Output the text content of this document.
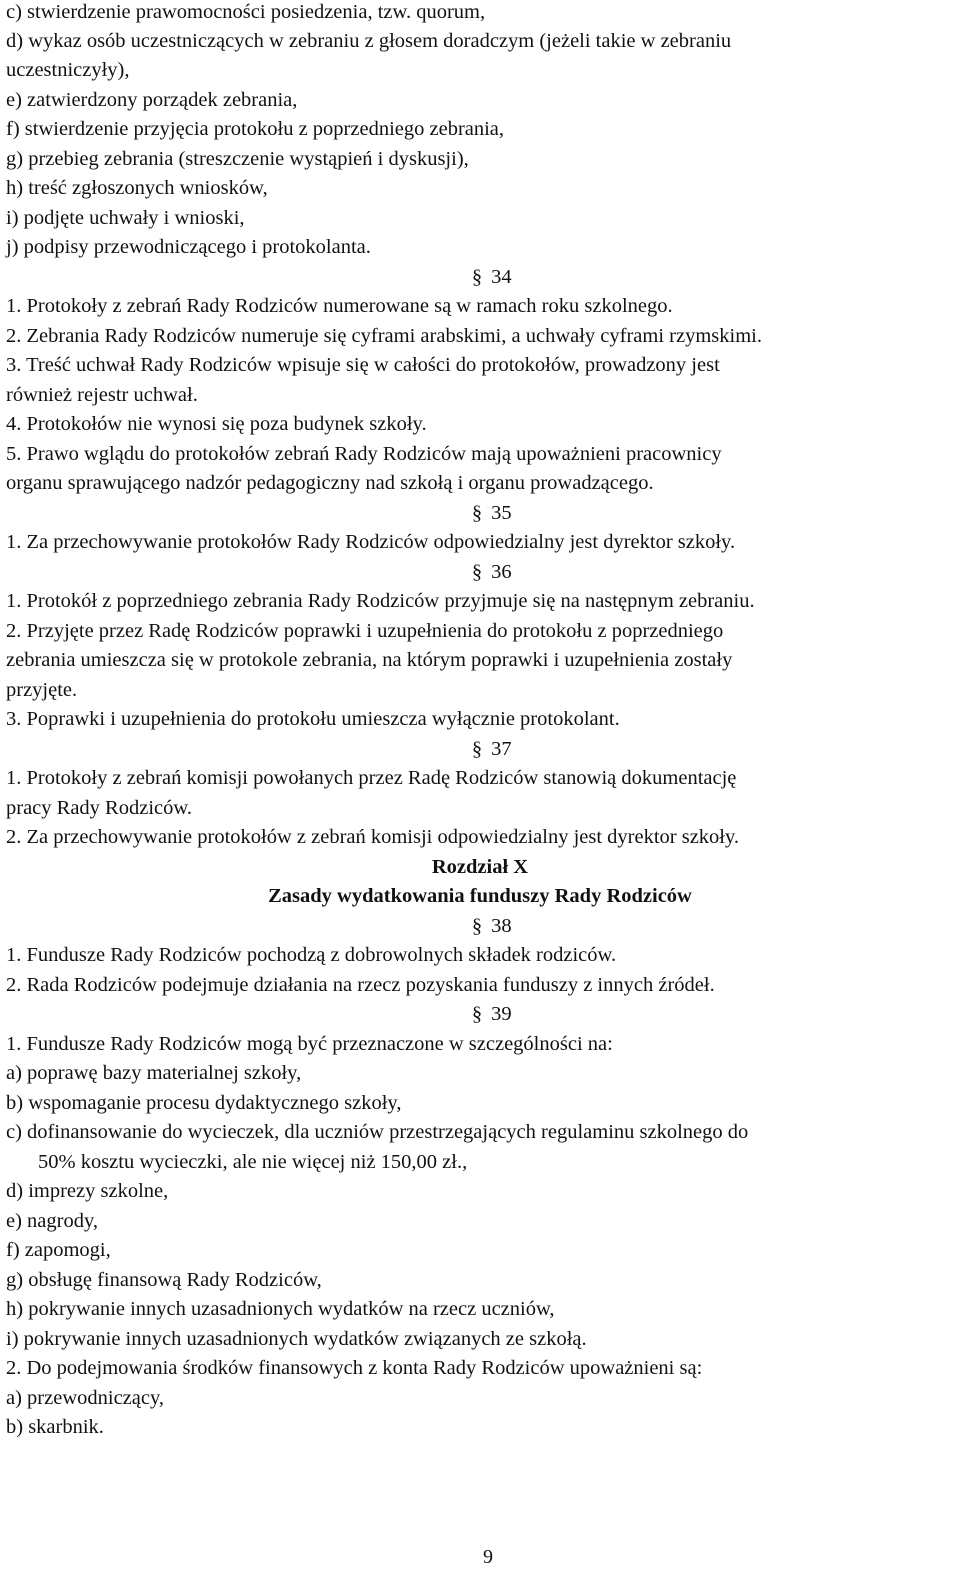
c) stwierdzenie prawomocności posiedzenia, tzw. quorum,
d) wykaz osób uczestniczących w zebraniu z głosem doradczym (jeżeli takie w zebraniu
uczestniczyły),
e) zatwierdzony porządek zebrania,
f) stwierdzenie przyjęcia protokołu z poprzedniego zebrania,
g) przebieg zebrania (streszczenie wystąpień i dyskusji),
h) treść zgłoszonych wniosków,
i) podjęte uchwały i wnioski,
j) podpisy przewodniczącego i protokolanta.
§ 34
1. Protokoły z zebrań Rady Rodziców numerowane są w ramach roku szkolnego.
2. Zebrania Rady Rodziców numeruje się cyframi arabskimi, a uchwały cyframi rzymskimi.
3. Treść uchwał Rady Rodziców wpisuje się w całości do protokołów, prowadzony jest
również rejestr uchwał.
4. Protokołów nie wynosi się poza budynek szkoły.
5. Prawo wglądu do protokołów zebrań Rady Rodziców mają upoważnieni pracownicy
organu sprawującego nadzór pedagogiczny nad szkołą i organu prowadzącego.
§ 35
1. Za przechowywanie protokołów Rady Rodziców odpowiedzialny jest dyrektor szkoły.
§ 36
1. Protokół z poprzedniego zebrania Rady Rodziców przyjmuje się na następnym zebraniu.
2. Przyjęte przez Radę Rodziców poprawki i uzupełnienia do protokołu z poprzedniego
zebrania umieszcza się w protokole zebrania, na którym poprawki i uzupełnienia zostały
przyjęte.
3. Poprawki i uzupełnienia do protokołu umieszcza wyłącznie protokolant.
§ 37
1. Protokoły z zebrań komisji powołanych przez Radę Rodziców stanowią dokumentację
pracy Rady Rodziców.
2. Za przechowywanie protokołów z zebrań komisji odpowiedzialny jest dyrektor szkoły.
Rozdział X
Zasady wydatkowania funduszy Rady Rodziców
§ 38
1. Fundusze Rady Rodziców pochodzą z dobrowolnych składek rodziców.
2. Rada Rodziców podejmuje działania na rzecz pozyskania funduszy z innych źródeł.
§ 39
1. Fundusze Rady Rodziców mogą być przeznaczone w szczególności na:
a) poprawę bazy materialnej szkoły,
b) wspomaganie procesu dydaktycznego szkoły,
c) dofinansowanie do wycieczek, dla uczniów przestrzegających regulaminu szkolnego do
50% kosztu wycieczki, ale nie więcej niż 150,00 zł.,
d) imprezy szkolne,
e) nagrody,
f) zapomogi,
g) obsługę finansową Rady Rodziców,
h) pokrywanie innych uzasadnionych wydatków na rzecz uczniów,
i) pokrywanie innych uzasadnionych wydatków związanych ze szkołą.
2. Do podejmowania środków finansowych z konta Rady Rodziców upoważnieni są:
a) przewodniczący,
b) skarbnik.
9
